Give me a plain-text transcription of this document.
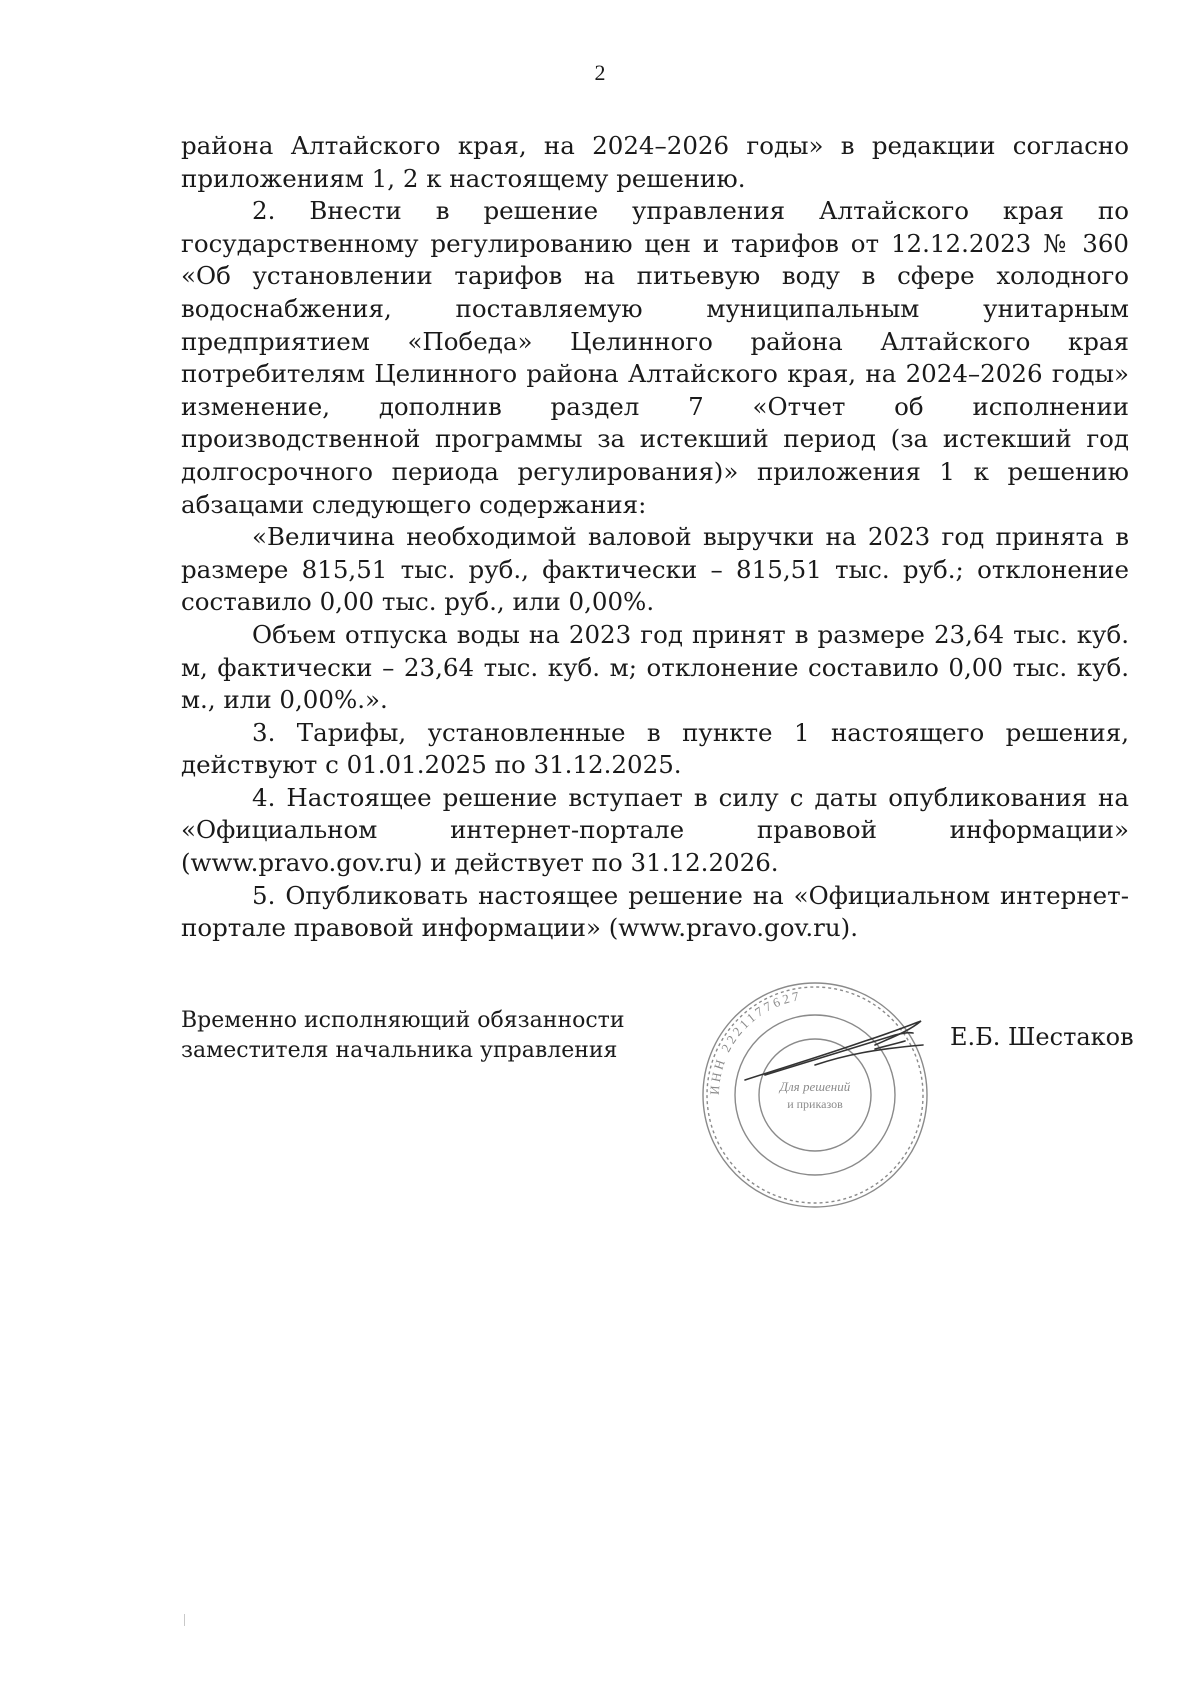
2

района Алтайского края, на 2024–2026 годы» в редакции согласно приложениям 1, 2 к настоящему решению.

2. Внести в решение управления Алтайского края по государственному регулированию цен и тарифов от 12.12.2023 № 360 «Об установлении тарифов на питьевую воду в сфере холодного водоснабжения, поставляемую муниципальным унитарным предприятием «Победа» Целинного района Алтайского края потребителям Целинного района Алтайского края, на 2024–2026 годы» изменение, дополнив раздел 7 «Отчет об исполнении производственной программы за истекший период (за истекший год долгосрочного периода регулирования)» приложения 1 к решению абзацами следующего содержания:

«Величина необходимой валовой выручки на 2023 год принята в размере 815,51 тыс. руб., фактически – 815,51 тыс. руб.; отклонение составило 0,00 тыс. руб., или 0,00%.

Объем отпуска воды на 2023 год принят в размере 23,64 тыс. куб. м, фактически – 23,64 тыс. куб. м; отклонение составило 0,00 тыс. куб. м., или 0,00%.».

3. Тарифы, установленные в пункте 1 настоящего решения, действуют с 01.01.2025 по 31.12.2025.

4. Настоящее решение вступает в силу с даты опубликования на «Официальном интернет-портале правовой информации» (www.pravo.gov.ru) и действует по 31.12.2026.

5. Опубликовать настоящее решение на «Официальном интернет-портале правовой информации» (www.pravo.gov.ru).

Временно исполняющий обязанности
заместителя начальника управления
ИНН 2221177627
Для решений
и приказов
Е.Б. Шестаков
